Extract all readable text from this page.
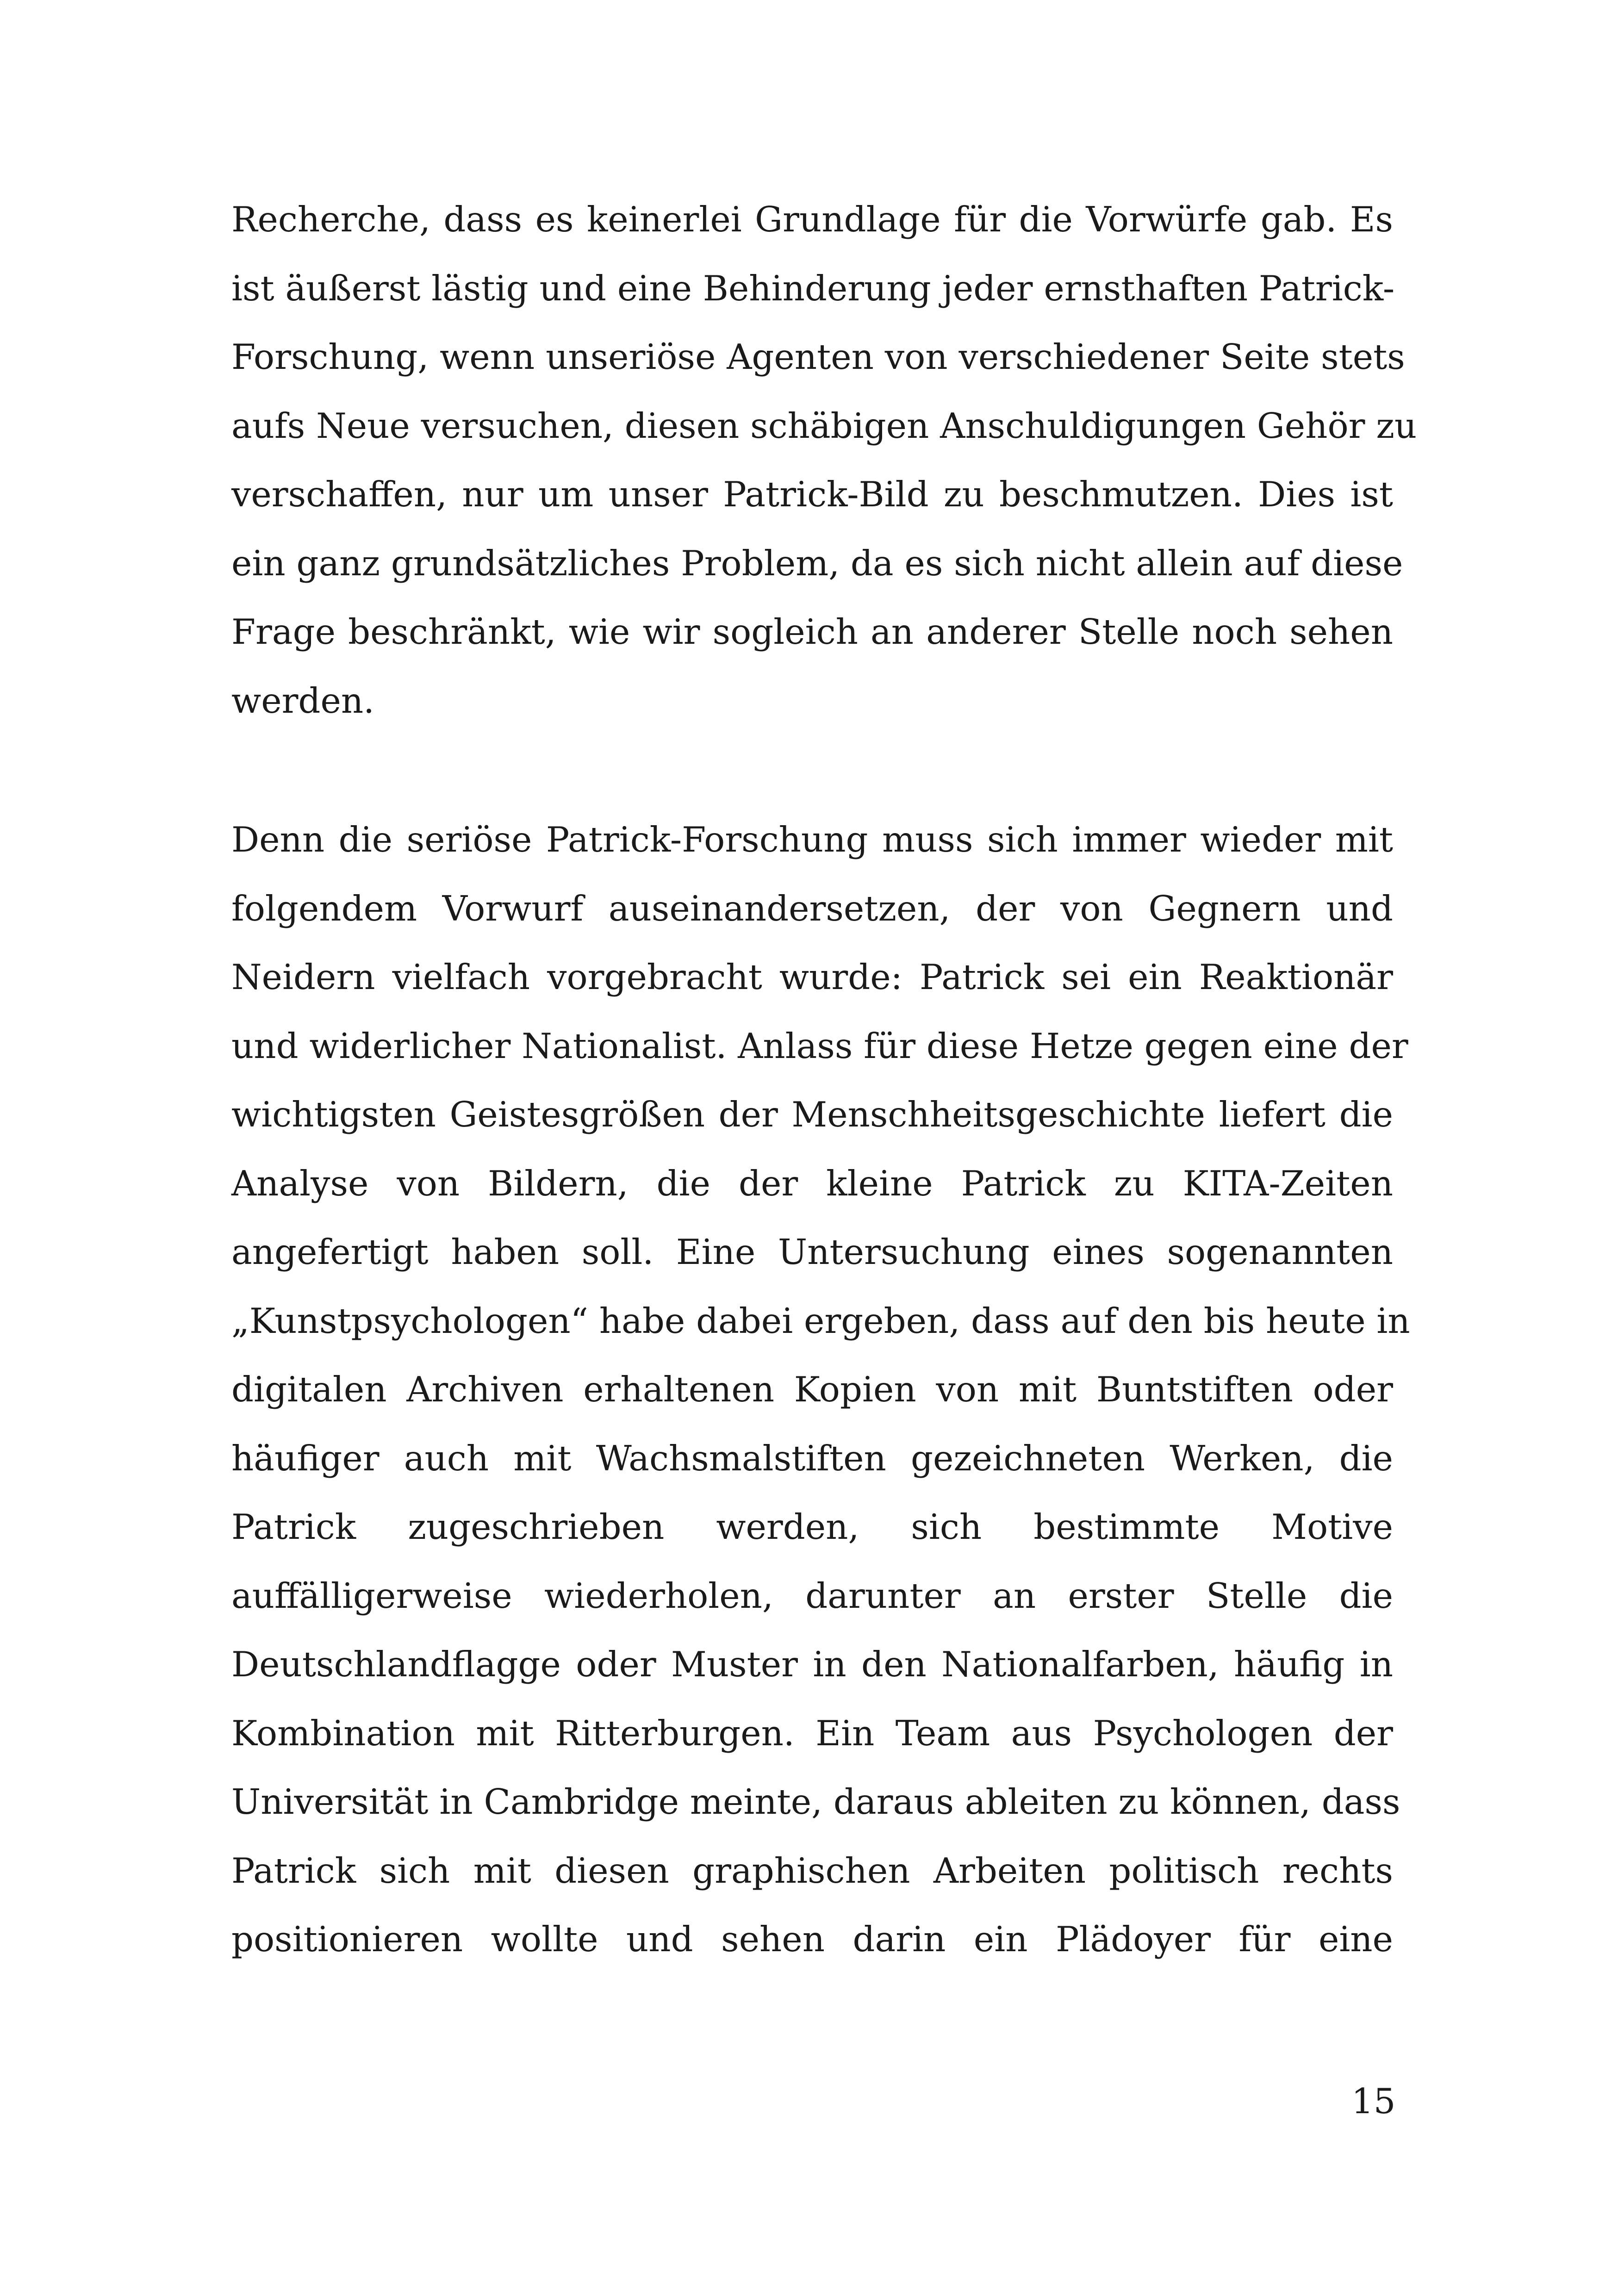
Recherche, dass es keinerlei Grundlage für die Vorwürfe gab. Es
ist äußerst lästig und eine Behinderung jeder ernsthaften Patrick-
Forschung, wenn unseriöse Agenten von verschiedener Seite stets
aufs Neue versuchen, diesen schäbigen Anschuldigungen Gehör zu
verschaffen, nur um unser Patrick-Bild zu beschmutzen. Dies ist
ein ganz grundsätzliches Problem, da es sich nicht allein auf diese
Frage beschränkt, wie wir sogleich an anderer Stelle noch sehen
werden.
Denn die seriöse Patrick-Forschung muss sich immer wieder mit
folgendem Vorwurf auseinandersetzen, der von Gegnern und
Neidern vielfach vorgebracht wurde: Patrick sei ein Reaktionär
und widerlicher Nationalist. Anlass für diese Hetze gegen eine der
wichtigsten Geistesgrößen der Menschheitsgeschichte liefert die
Analyse von Bildern, die der kleine Patrick zu KITA-Zeiten
angefertigt haben soll. Eine Untersuchung eines sogenannten
„Kunstpsychologen“ habe dabei ergeben, dass auf den bis heute in
digitalen Archiven erhaltenen Kopien von mit Buntstiften oder
häufiger auch mit Wachsmalstiften gezeichneten Werken, die
Patrick zugeschrieben werden, sich bestimmte Motive
auffälligerweise wiederholen, darunter an erster Stelle die
Deutschlandflagge oder Muster in den Nationalfarben, häufig in
Kombination mit Ritterburgen. Ein Team aus Psychologen der
Universität in Cambridge meinte, daraus ableiten zu können, dass
Patrick sich mit diesen graphischen Arbeiten politisch rechts
positionieren wollte und sehen darin ein Plädoyer für eine
15
